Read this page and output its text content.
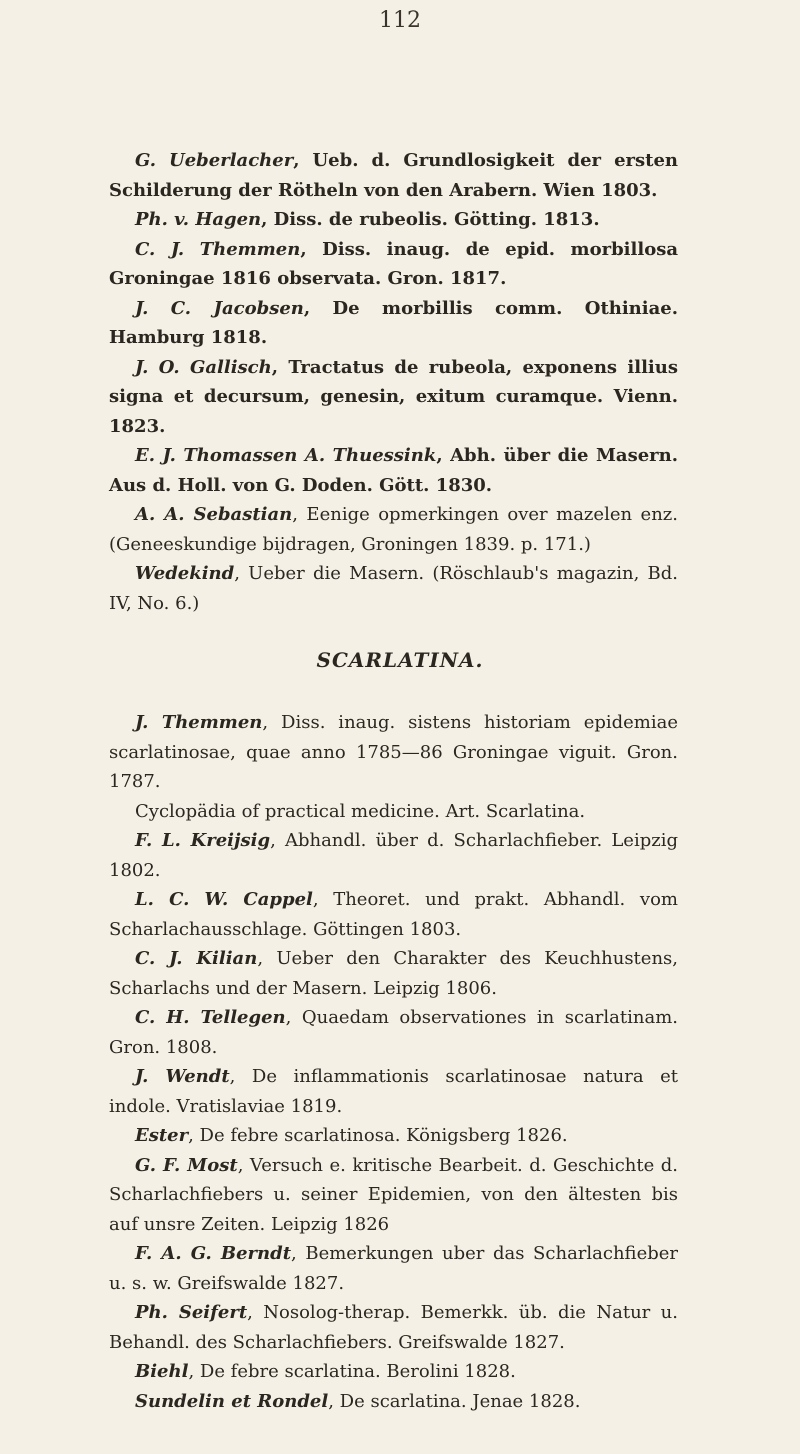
112

G. Ueberlacher, Ueb. d. Grundlosigkeit der ersten Schilderung der Rötheln von den Arabern. Wien 1803.

Ph. v. Hagen, Diss. de rubeolis. Götting. 1813.

C. J. Themmen, Diss. inaug. de epid. morbillosa Groningae 1816 observata. Gron. 1817.

J. C. Jacobsen, De morbillis comm. Othiniae. Hamburg 1818.

J. O. Gallisch, Tractatus de rubeola, exponens illius signa et decursum, genesin, exitum curamque. Vienn. 1823.

E. J. Thomassen A. Thuessink, Abh. über die Masern. Aus d. Holl. von G. Doden. Gött. 1830.

A. A. Sebastian, Eenige opmerkingen over mazelen enz. (Geneeskundige bijdragen, Groningen 1839. p. 171.)

Wedekind, Ueber die Masern. (Röschlaub's magazin, Bd. IV, No. 6.)

SCARLATINA.

J. Themmen, Diss. inaug. sistens historiam epidemiae scarlatinosae, quae anno 1785—86 Groningae viguit. Gron. 1787.

Cyclopädia of practical medicine. Art. Scarlatina.

F. L. Kreijsig, Abhandl. über d. Scharlachfieber. Leipzig 1802.

L. C. W. Cappel, Theoret. und prakt. Abhandl. vom Scharlachausschlage. Göttingen 1803.

C. J. Kilian, Ueber den Charakter des Keuchhustens, Scharlachs und der Masern. Leipzig 1806.

C. H. Tellegen, Quaedam observationes in scarlatinam. Gron. 1808.

J. Wendt, De inflammationis scarlatinosae natura et indole. Vratislaviae 1819.

Ester, De febre scarlatinosa. Königsberg 1826.

G. F. Most, Versuch e. kritische Bearbeit. d. Geschichte d. Scharlachfiebers u. seiner Epidemien, von den ältesten bis auf unsre Zeiten. Leipzig 1826

F. A. G. Berndt, Bemerkungen uber das Scharlachfieber u. s. w. Greifswalde 1827.

Ph. Seifert, Nosolog-therap. Bemerkk. üb. die Natur u. Behandl. des Scharlachfiebers. Greifswalde 1827.

Biehl, De febre scarlatina. Berolini 1828.

Sundelin et Rondel, De scarlatina. Jenae 1828.
